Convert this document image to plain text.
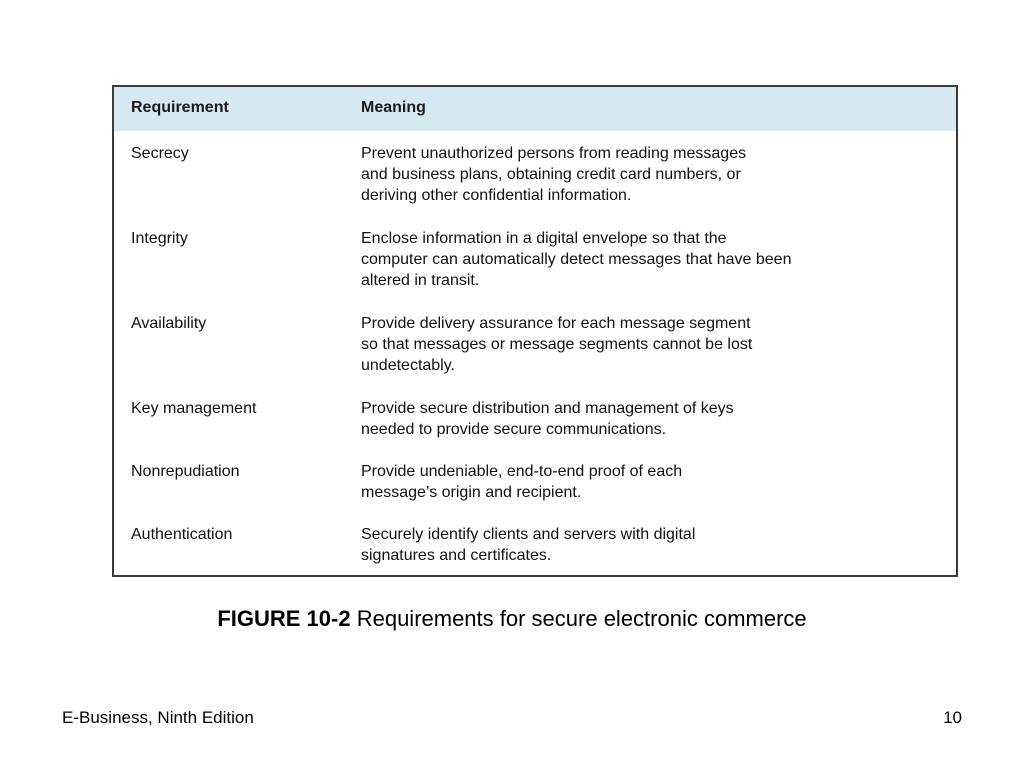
Requirement	Meaning
Secrecy	Prevent unauthorized persons from reading messages
and business plans, obtaining credit card numbers, or
deriving other confidential information.
Integrity	Enclose information in a digital envelope so that the
computer can automatically detect messages that have been
altered in transit.
Availability	Provide delivery assurance for each message segment
so that messages or message segments cannot be lost
undetectably.
Key management	Provide secure distribution and management of keys
needed to provide secure communications.
Nonrepudiation	Provide undeniable, end-to-end proof of each
message’s origin and recipient.
Authentication	Securely identify clients and servers with digital
signatures and certificates.
FIGURE 10-2 Requirements for secure electronic commerce
E-Business, Ninth Edition	10
